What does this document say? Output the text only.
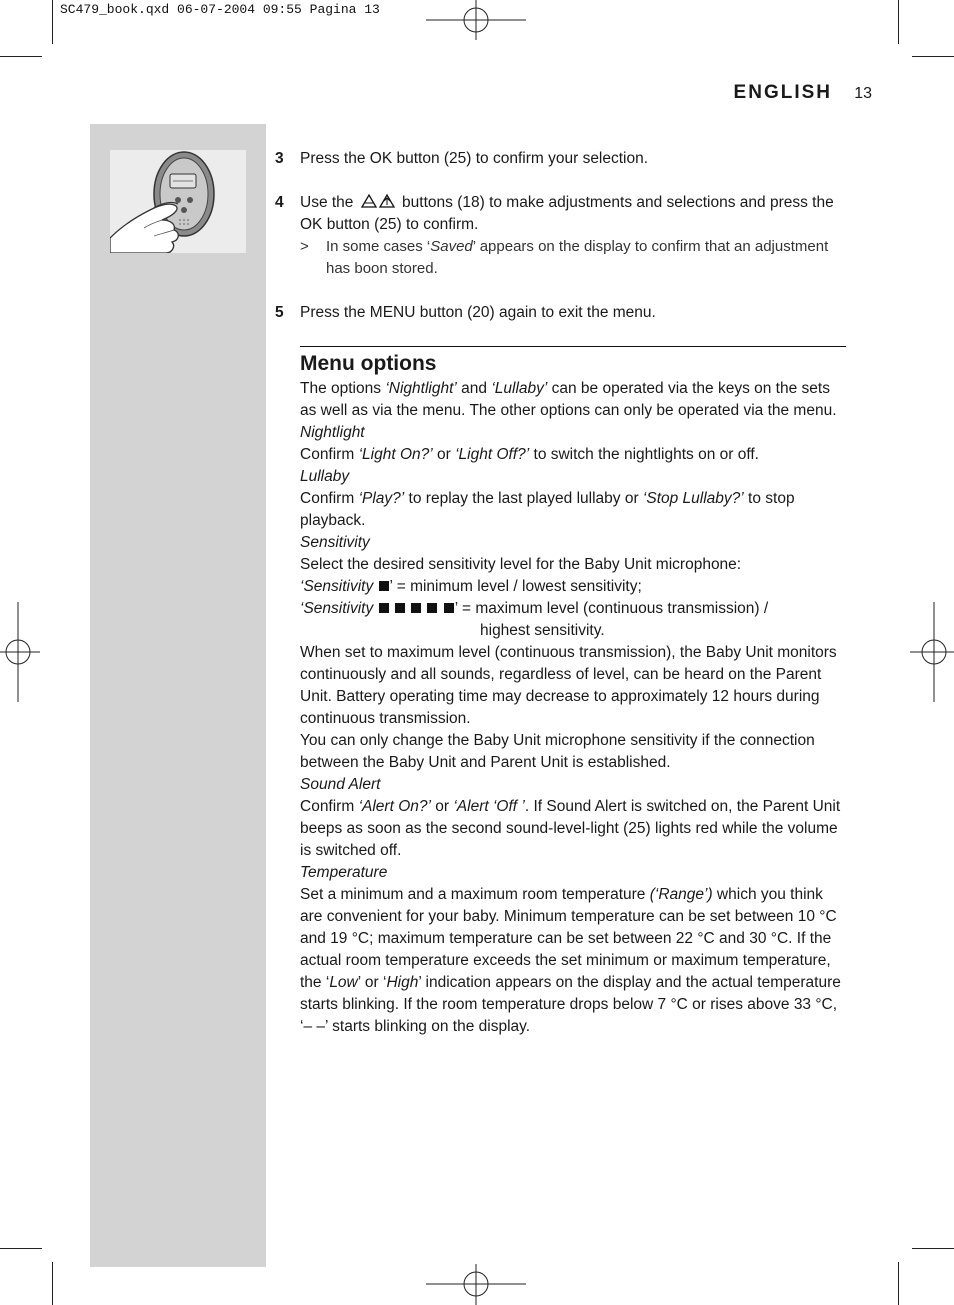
SC479_book.qxd 06-07-2004 09:55 Pagina 13
ENGLISH 13
3 Press the OK button (25) to confirm your selection.

4 Use the	buttons (18) to make adjustments and selections and press the OK button (25) to confirm.

> In some cases ‘Saved’ appears on the display to confirm that an adjustment has boon stored.
5 Press the MENU button (20) again to exit the menu.

Menu options

The options ‘Nightlight’ and ‘Lullaby’ can be operated via the keys on the sets as well as via the menu. The other options can only be operated via the menu.

Nightlight

Confirm ‘Light On?’ or ‘Light Off?’ to switch the nightlights on or off.

Lullaby

Confirm ‘Play?’ to replay the last played lullaby or ‘Stop Lullaby?’ to stop playback.

Sensitivity

Select the desired sensitivity level for the Baby Unit microphone:

‘Sensitivity ’ = minimum level / lowest sensitivity;

‘Sensitivity	’ = maximum level (continuous transmission) /

highest sensitivity.

When set to maximum level (continuous transmission), the Baby Unit monitors continuously and all sounds, regardless of level, can be heard on the Parent Unit. Battery operating time may decrease to approximately 12 hours during continuous transmission.

You can only change the Baby Unit microphone sensitivity if the connection between the Baby Unit and Parent Unit is established.

Sound Alert

Confirm ‘Alert On?’ or ‘Alert ‘Off ’. If Sound Alert is switched on, the Parent Unit beeps as soon as the second sound-level-light (25) lights red while the volume is switched off.

Temperature

Set a minimum and a maximum room temperature (‘Range’) which you think are convenient for your baby. Minimum temperature can be set between 10 °C and 19 °C; maximum temperature can be set between 22 °C and 30 °C. If the actual room temperature exceeds the set minimum or maximum temperature, the ‘Low’ or ‘High’ indication appears on the display and the actual temperature starts blinking. If the room temperature drops below 7 °C or rises above 33 °C, ‘– –’ starts blinking on the display.
